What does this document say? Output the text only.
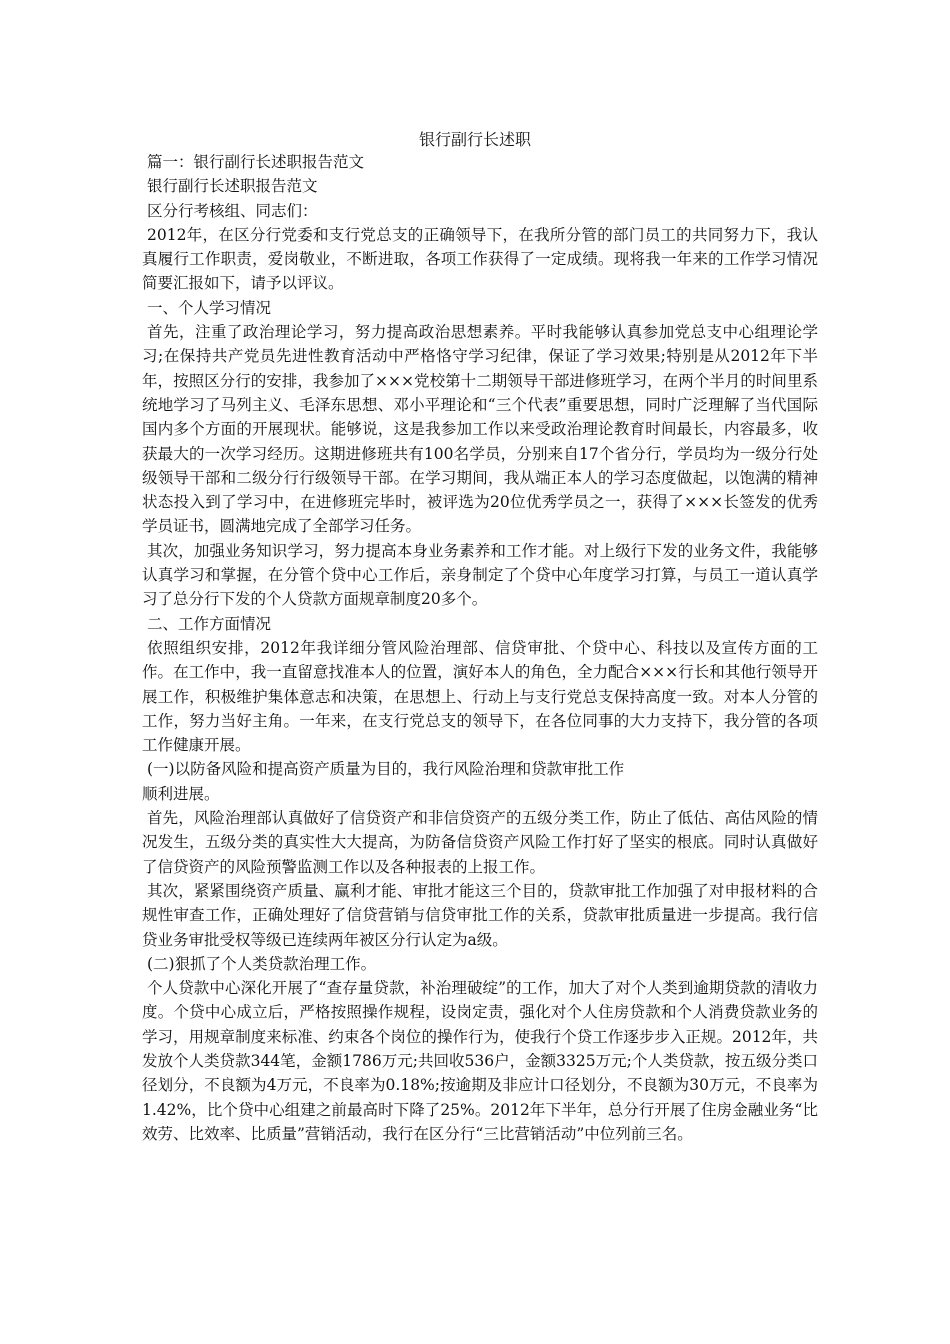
银行副行长述职

篇一：银行副行长述职报告范文

银行副行长述职报告范文

区分行考核组、同志们：

2012年，在区分行党委和支行党总支的正确领导下，在我所分管的部门员工的共同努力下，我认真履行工作职责，爱岗敬业，不断进取，各项工作获得了一定成绩。现将我一年来的工作学习情况简要汇报如下，请予以评议。

一、个人学习情况

首先，注重了政治理论学习，努力提高政治思想素养。平时我能够认真参加党总支中心组理论学习;在保持共产党员先进性教育活动中严格恪守学习纪律，保证了学习效果;特别是从2012年下半年，按照区分行的安排，我参加了×××党校第十二期领导干部进修班学习，在两个半月的时间里系统地学习了马列主义、毛泽东思想、邓小平理论和“三个代表”重要思想，同时广泛理解了当代国际国内多个方面的开展现状。能够说，这是我参加工作以来受政治理论教育时间最长，内容最多，收获最大的一次学习经历。这期进修班共有100名学员，分别来自17个省分行，学员均为一级分行处级领导干部和二级分行行级领导干部。在学习期间，我从端正本人的学习态度做起，以饱满的精神状态投入到了学习中，在进修班完毕时，被评选为20位优秀学员之一，获得了×××长签发的优秀学员证书，圆满地完成了全部学习任务。

其次，加强业务知识学习，努力提高本身业务素养和工作才能。对上级行下发的业务文件，我能够认真学习和掌握，在分管个贷中心工作后，亲身制定了个贷中心年度学习打算，与员工一道认真学习了总分行下发的个人贷款方面规章制度20多个。

二、工作方面情况

依照组织安排，2012年我详细分管风险治理部、信贷审批、个贷中心、科技以及宣传方面的工作。在工作中，我一直留意找准本人的位置，演好本人的角色，全力配合×××行长和其他行领导开展工作，积极维护集体意志和决策，在思想上、行动上与支行党总支保持高度一致。对本人分管的工作，努力当好主角。一年来，在支行党总支的领导下，在各位同事的大力支持下，我分管的各项工作健康开展。

(一)以防备风险和提高资产质量为目的，我行风险治理和贷款审批工作

顺利进展。

首先，风险治理部认真做好了信贷资产和非信贷资产的五级分类工作，防止了低估、高估风险的情况发生，五级分类的真实性大大提高，为防备信贷资产风险工作打好了坚实的根底。同时认真做好了信贷资产的风险预警监测工作以及各种报表的上报工作。

其次，紧紧围绕资产质量、赢利才能、审批才能这三个目的，贷款审批工作加强了对申报材料的合规性审查工作，正确处理好了信贷营销与信贷审批工作的关系，贷款审批质量进一步提高。我行信贷业务审批受权等级已连续两年被区分行认定为a级。

(二)狠抓了个人类贷款治理工作。

个人贷款中心深化开展了“查存量贷款，补治理破绽”的工作，加大了对个人类到逾期贷款的清收力度。个贷中心成立后，严格按照操作规程，设岗定责，强化对个人住房贷款和个人消费贷款业务的学习，用规章制度来标准、约束各个岗位的操作行为，使我行个贷工作逐步步入正规。2012年，共发放个人类贷款344笔，金额1786万元;共回收536户，金额3325万元;个人类贷款，按五级分类口径划分，不良额为4万元，不良率为0.18%;按逾期及非应计口径划分，不良额为30万元，不良率为1.42%，比个贷中心组建之前最高时下降了25%。2012年下半年，总分行开展了住房金融业务“比效劳、比效率、比质量”营销活动，我行在区分行“三比营销活动”中位列前三名。
